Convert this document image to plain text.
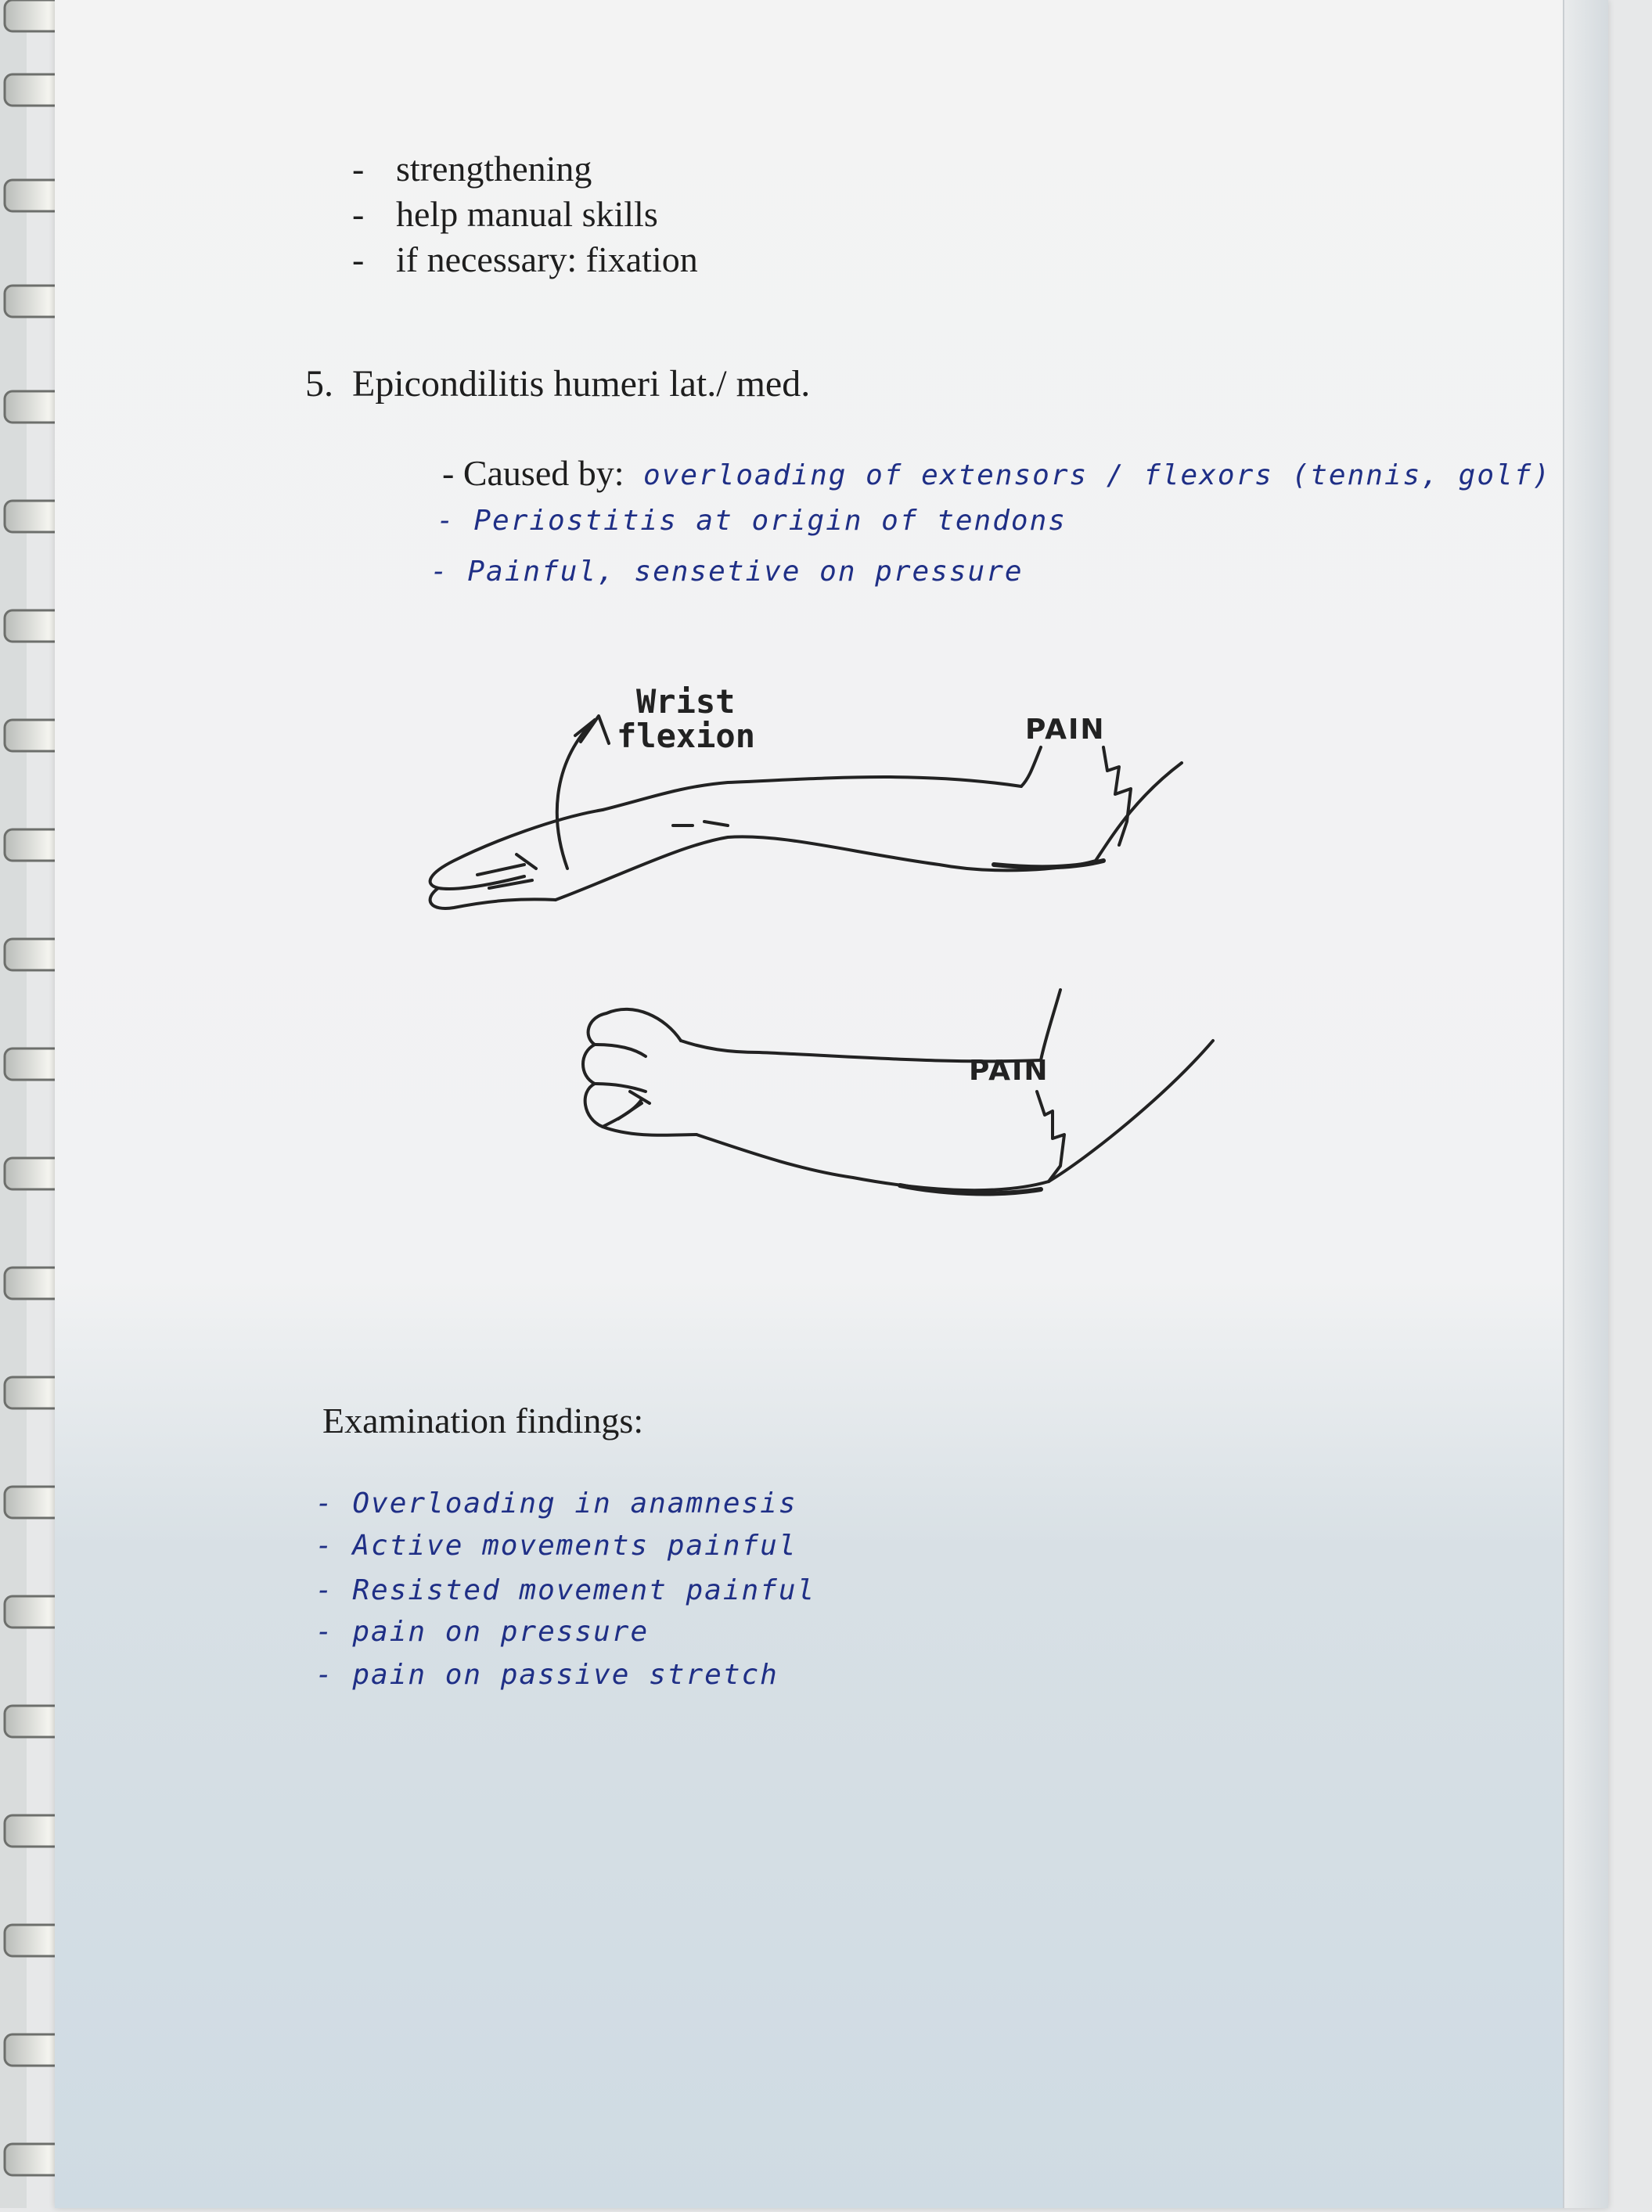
- strengthening
- help manual skills
- if necessary: fixation
5. Epicondilitis humeri lat./ med.
- Caused by: overloading of extensors / flexors (tennis, golf)
- Periostitis at origin of tendons
- Painful, sensetive on pressure
Wrist
flexion	PAIN
PAIN
Examination findings:
- Overloading in anamnesis
- Active movements painful
- Resisted movement painful
- pain on pressure
- pain on passive stretch
